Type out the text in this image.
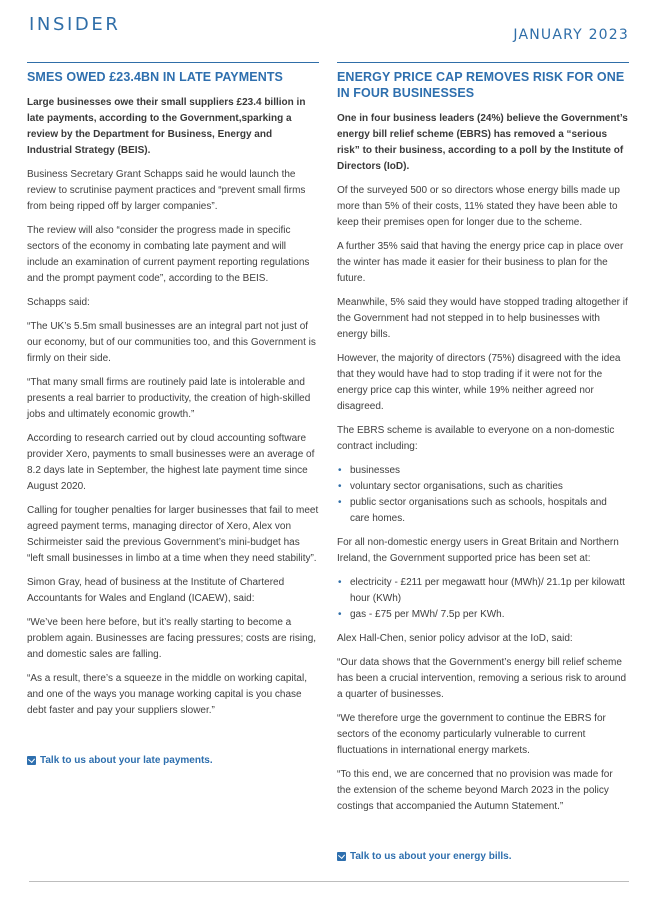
INSIDER	JANUARY 2023
SMES OWED £23.4BN IN LATE PAYMENTS

Large businesses owe their small suppliers £23.4 billion in late payments, according to the Government,sparking a review by the Department for Business, Energy and Industrial Strategy (BEIS).

Business Secretary Grant Schapps said he would launch the review to scrutinise payment practices and “prevent small firms from being ripped off by larger companies”.

The review will also “consider the progress made in specific sectors of the economy in combating late payment and will include an examination of current payment reporting regulations and the prompt payment code”, according to the BEIS.

Schapps said:

“The UK’s 5.5m small businesses are an integral part not just of our economy, but of our communities too, and this Government is firmly on their side.

“That many small firms are routinely paid late is intolerable and presents a real barrier to productivity, the creation of high-skilled jobs and ultimately economic growth.”

According to research carried out by cloud accounting software provider Xero, payments to small businesses were an average of 8.2 days late in September, the highest late payment time since August 2020.

Calling for tougher penalties for larger businesses that fail to meet agreed payment terms, managing director of Xero, Alex von Schirmeister said the previous Government’s mini-budget has “left small businesses in limbo at a time when they need stability”.

Simon Gray, head of business at the Institute of Chartered Accountants for Wales and England (ICAEW), said:

“We’ve been here before, but it’s really starting to become a problem again. Businesses are facing pressures; costs are rising, and domestic sales are falling.

“As a result, there’s a squeeze in the middle on working capital, and one of the ways you manage working capital is you chase debt faster and pay your suppliers slower.”

Talk to us about your late payments.
ENERGY PRICE CAP REMOVES RISK FOR ONE IN FOUR BUSINESSES

One in four business leaders (24%) believe the Government’s energy bill relief scheme (EBRS) has removed a “serious risk” to their business, according to a poll by the Institute of Directors (IoD).

Of the surveyed 500 or so directors whose energy bills made up more than 5% of their costs, 11% stated they have been able to keep their premises open for longer due to the scheme.

A further 35% said that having the energy price cap in place over the winter has made it easier for their business to plan for the future.

Meanwhile, 5% said they would have stopped trading altogether if the Government had not stepped in to help businesses with energy bills.

However, the majority of directors (75%) disagreed with the idea that they would have had to stop trading if it were not for the energy price cap this winter, while 19% neither agreed nor disagreed.

The EBRS scheme is available to everyone on a non-domestic contract including:

• businesses
• voluntary sector organisations, such as charities
• public sector organisations such as schools, hospitals and care homes.

For all non-domestic energy users in Great Britain and Northern Ireland, the Government supported price has been set at:

• electricity - £211 per megawatt hour (MWh)/ 21.1p per kilowatt hour (KWh)
• gas - £75 per MWh/ 7.5p per KWh.

Alex Hall-Chen, senior policy advisor at the IoD, said:

“Our data shows that the Government’s energy bill relief scheme has been a crucial intervention, removing a serious risk to around a quarter of businesses.

“We therefore urge the government to continue the EBRS for sectors of the economy particularly vulnerable to current fluctuations in international energy markets.

“To this end, we are concerned that no provision was made for the extension of the scheme beyond March 2023 in the policy costings that accompanied the Autumn Statement.”

Talk to us about your energy bills.
